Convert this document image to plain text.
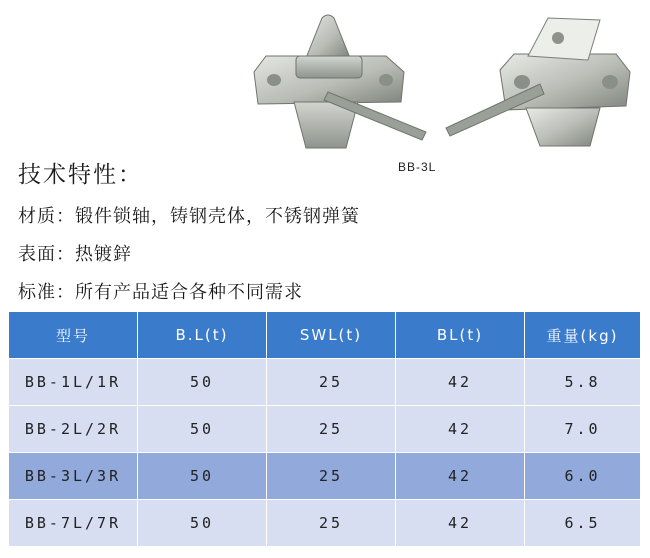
BB-3L
技术特性：
材质：锻件锁轴，铸钢壳体，不锈钢弹簧
表面：热镀鋅
标准：所有产品适合各种不同需求
型号	B.L(t)	SWL(t)	BL(t)	重量(kg)
BB-1L/1R	50	25	42	5.8
BB-2L/2R	50	25	42	7.0
BB-3L/3R	50	25	42	6.0
BB-7L/7R	50	25	42	6.5
